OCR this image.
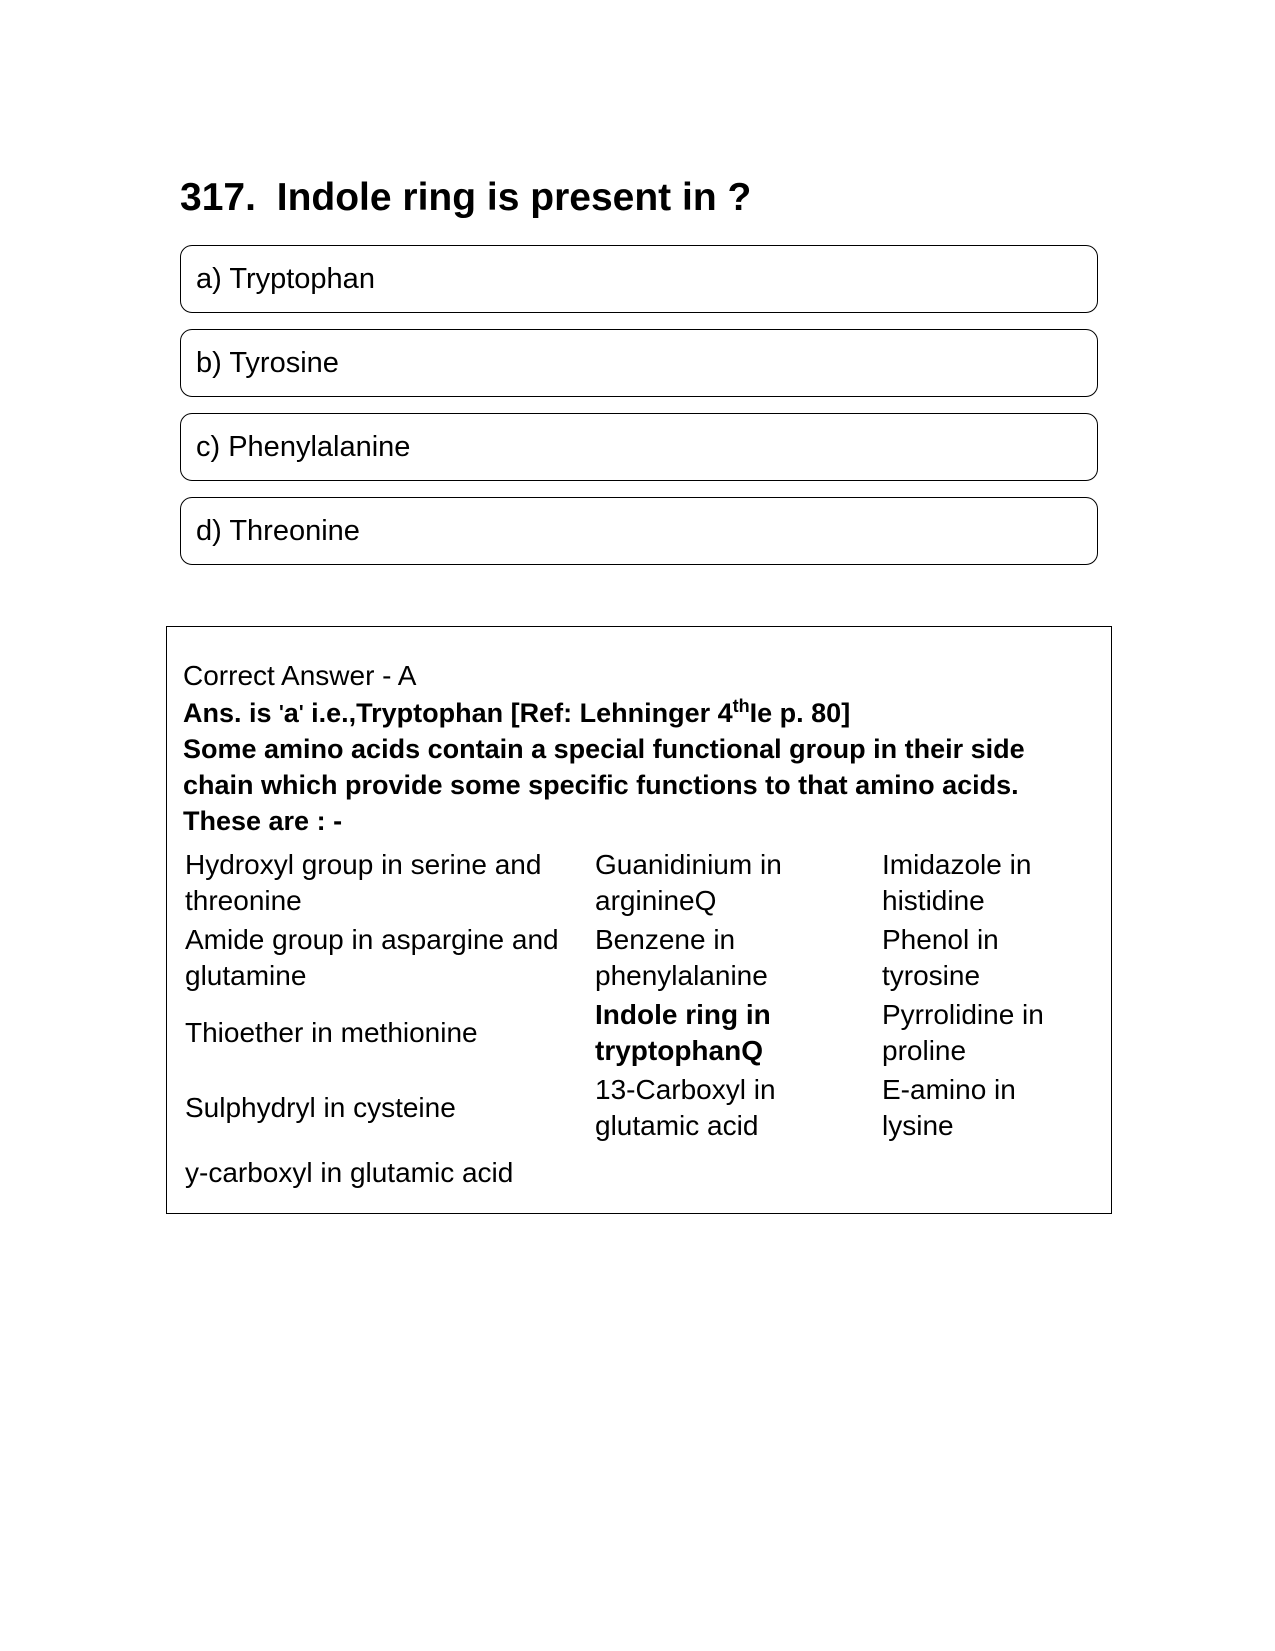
317. Indole ring is present in ?
a) Tryptophan
b) Tyrosine
c) Phenylalanine
d) Threonine
Correct Answer - A
Ans. is 'a' i.e.,Tryptophan [Ref: Lehninger 4thIe p. 80]
Some amino acids contain a special functional group in their side chain which provide some specific functions to that amino acids. These are : -
Hydroxyl group in serine and threonine	Guanidinium in arginineQ	Imidazole in histidine
Amide group in aspargine and glutamine	Benzene in phenylalanine	Phenol in tyrosine
Thioether in methionine	Indole ring in tryptophanQ	Pyrrolidine in proline
Sulphydryl in cysteine	13-Carboxyl in glutamic acid	E-amino in lysine
y-carboxyl in glutamic acid		
